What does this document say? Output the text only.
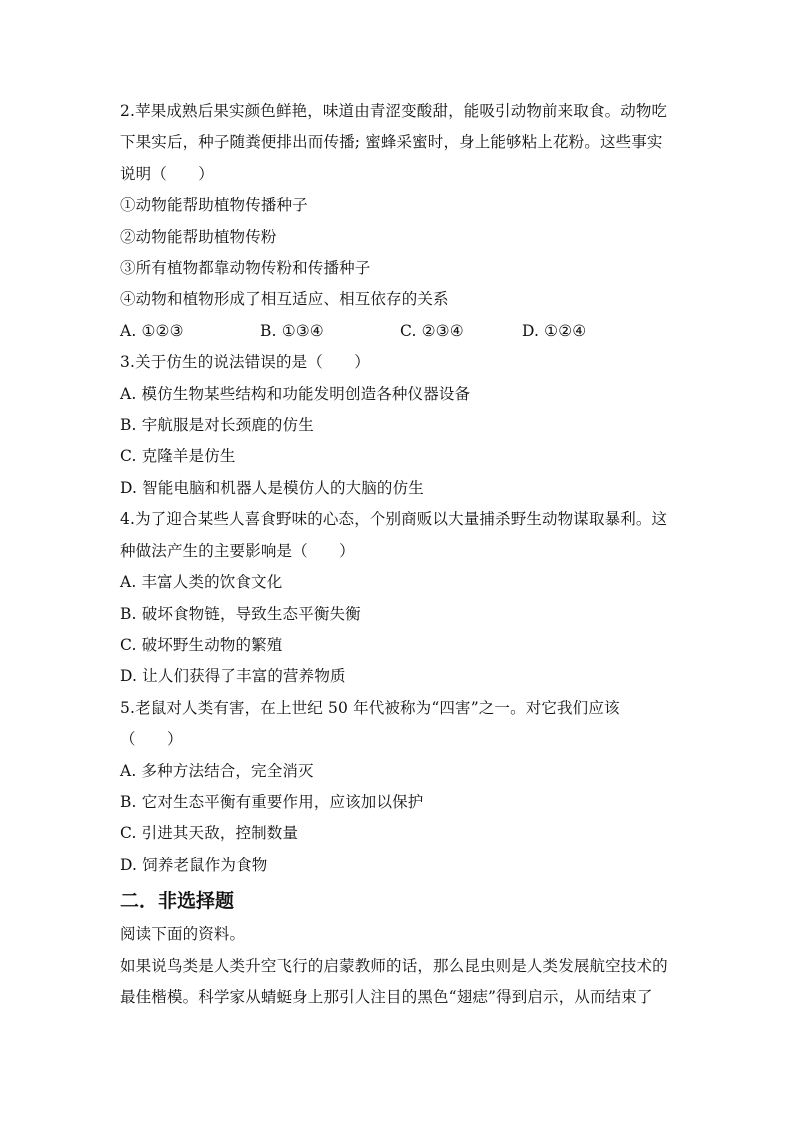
2.苹果成熟后果实颜色鲜艳，味道由青涩变酸甜，能吸引动物前来取食。动物吃
下果实后，种子随粪便排出而传播; 蜜蜂采蜜时，身上能够粘上花粉。这些事实
说明（　　）
①动物能帮助植物传播种子
②动物能帮助植物传粉
③所有植物都靠动物传粉和传播种子
④动物和植物形成了相互适应、相互依存的关系
A. ①②③	B. ①③④	C. ②③④	D. ①②④
3.关于仿生的说法错误的是（　　）
A. 模仿生物某些结构和功能发明创造各种仪器设备
B. 宇航服是对长颈鹿的仿生
C. 克隆羊是仿生
D. 智能电脑和机器人是模仿人的大脑的仿生
4.为了迎合某些人喜食野味的心态，个别商贩以大量捕杀野生动物谋取暴利。这
种做法产生的主要影响是（　　）
A. 丰富人类的饮食文化
B. 破坏食物链，导致生态平衡失衡
C. 破坏野生动物的繁殖
D. 让人们获得了丰富的营养物质
5.老鼠对人类有害，在上世纪 50 年代被称为“四害”之一。对它我们应该
（　　）
A. 多种方法结合，完全消灭
B. 它对生态平衡有重要作用，应该加以保护
C. 引进其天敌，控制数量
D. 饲养老鼠作为食物
二．非选择题
阅读下面的资料。
如果说鸟类是人类升空飞行的启蒙教师的话，那么昆虫则是人类发展航空技术的
最佳楷模。科学家从蜻蜓身上那引人注目的黑色“翅痣”得到启示，从而结束了
